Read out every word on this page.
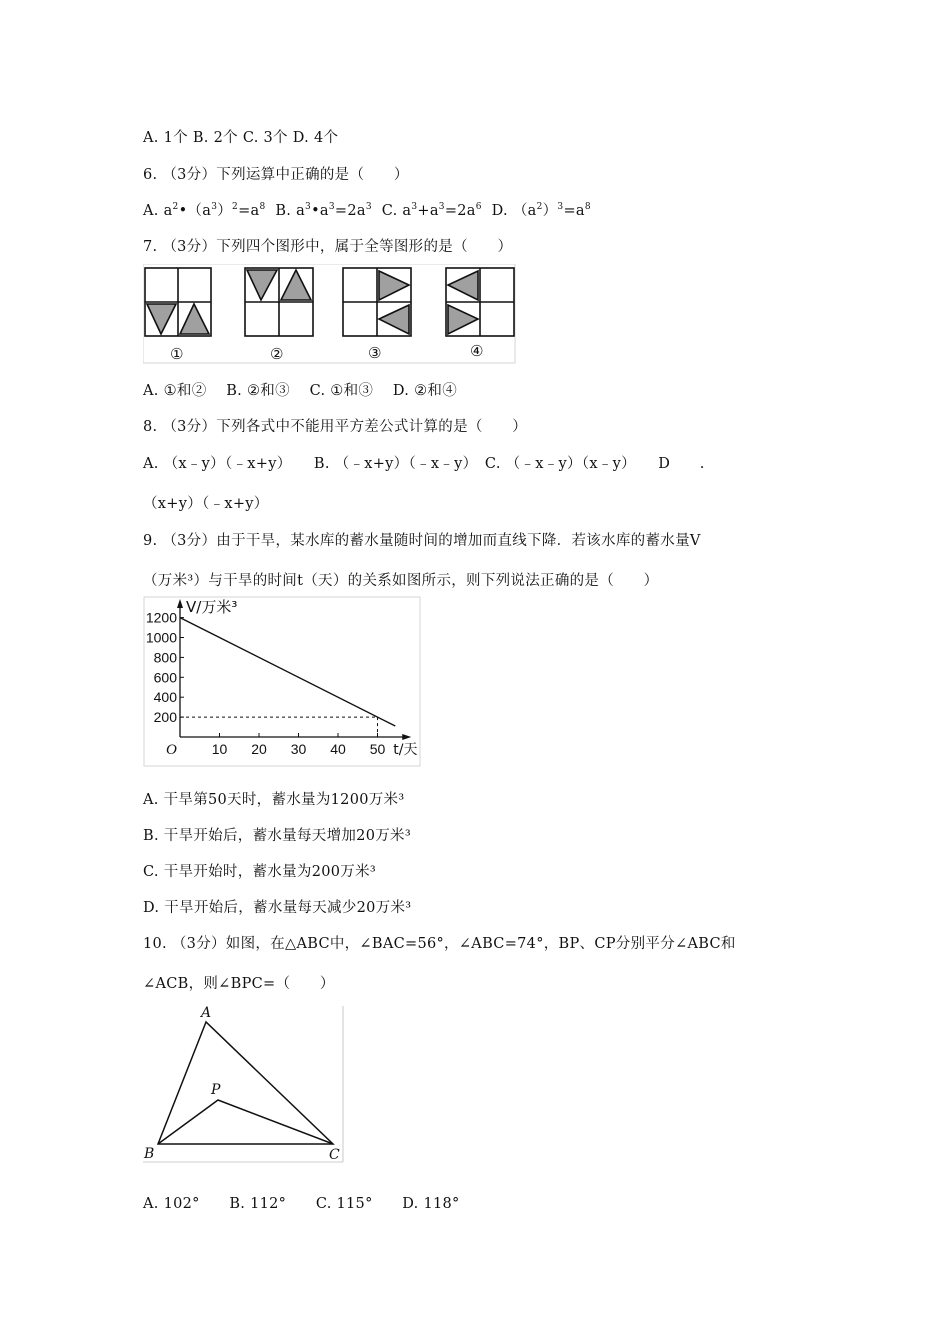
A. 1个 B. 2个 C. 3个 D. 4个
6. （3分）下列运算中正确的是（　　）
A. $a^2•(a^3)^2=a^8$ B. $a^3•a^3=2a^3$ C. $a^3+a^3=2a^6$ D. $(a^2)^3=a^8$
7. （3分）下列四个图形中，属于全等图形的是（　　）
①	②	③	④
A. ①和②　 B. ②和③　 C. ①和③　 D. ②和④
8. （3分）下列各式中不能用平方差公式计算的是（　　）
A. （x﹣y）（﹣x+y）　　B. （﹣x+y）（﹣x﹣y）　C. （﹣x﹣y）（x﹣y）　　D　　.
（x+y）（﹣x+y）
9. （3分）由于干旱，某水库的蓄水量随时间的增加而直线下降．若该水库的蓄水量V
（万米³）与干旱的时间t（天）的关系如图所示，则下列说法正确的是（　　）
200
400
600
800
1000
1200
10 20 30 40 50
O
V/万米³
t/天
A. 干旱第50天时，蓄水量为1200万米³
B. 干旱开始后，蓄水量每天增加20万米³
C. 干旱开始时，蓄水量为200万米³
D. 干旱开始后，蓄水量每天减少20万米³
10. （3分）如图，在△ABC中，∠BAC=56°，∠ABC=74°，BP、CP分别平分∠ABC和
∠ACB，则∠BPC=（　　）
A
B	C
P
A. 102°　　B. 112°　　C. 115°　　D. 118°
